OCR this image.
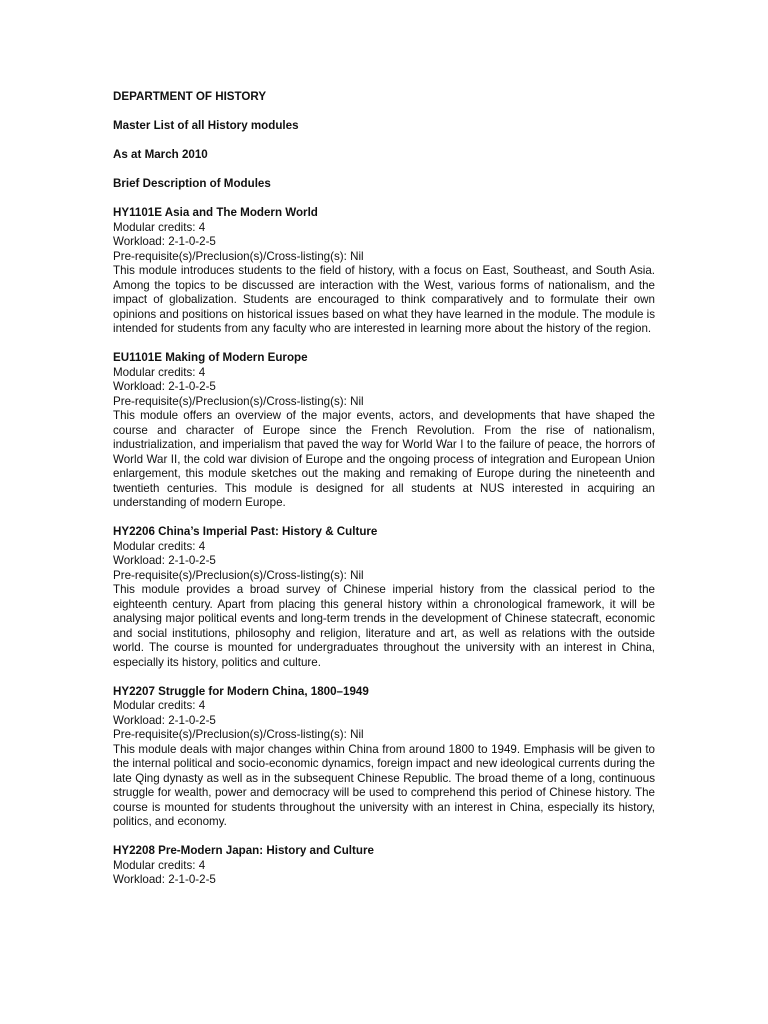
DEPARTMENT OF HISTORY
Master List of all History modules
As at March 2010
Brief Description of Modules
HY1101E Asia and The Modern World
Modular credits: 4
Workload: 2-1-0-2-5
Pre-requisite(s)/Preclusion(s)/Cross-listing(s): Nil
This module introduces students to the field of history, with a focus on East, Southeast, and South Asia. Among the topics to be discussed are interaction with the West, various forms of nationalism, and the impact of globalization. Students are encouraged to think comparatively and to formulate their own opinions and positions on historical issues based on what they have learned in the module. The module is intended for students from any faculty who are interested in learning more about the history of the region.
EU1101E Making of Modern Europe
Modular credits: 4
Workload: 2-1-0-2-5
Pre-requisite(s)/Preclusion(s)/Cross-listing(s): Nil
This module offers an overview of the major events, actors, and developments that have shaped the course and character of Europe since the French Revolution. From the rise of nationalism, industrialization, and imperialism that paved the way for World War I to the failure of peace, the horrors of World War II, the cold war division of Europe and the ongoing process of integration and European Union enlargement, this module sketches out the making and remaking of Europe during the nineteenth and twentieth centuries. This module is designed for all students at NUS interested in acquiring an understanding of modern Europe.
HY2206 China’s Imperial Past: History & Culture
Modular credits: 4
Workload: 2-1-0-2-5
Pre-requisite(s)/Preclusion(s)/Cross-listing(s): Nil
This module provides a broad survey of Chinese imperial history from the classical period to the eighteenth century. Apart from placing this general history within a chronological framework, it will be analysing major political events and long-term trends in the development of Chinese statecraft, economic and social institutions, philosophy and religion, literature and art, as well as relations with the outside world. The course is mounted for undergraduates throughout the university with an interest in China, especially its history, politics and culture.
HY2207 Struggle for Modern China, 1800–1949
Modular credits: 4
Workload: 2-1-0-2-5
Pre-requisite(s)/Preclusion(s)/Cross-listing(s): Nil
This module deals with major changes within China from around 1800 to 1949. Emphasis will be given to the internal political and socio-economic dynamics, foreign impact and new ideological currents during the late Qing dynasty as well as in the subsequent Chinese Republic. The broad theme of a long, continuous struggle for wealth, power and democracy will be used to comprehend this period of Chinese history. The course is mounted for students throughout the university with an interest in China, especially its history, politics, and economy.
HY2208 Pre-Modern Japan: History and Culture
Modular credits: 4
Workload: 2-1-0-2-5
